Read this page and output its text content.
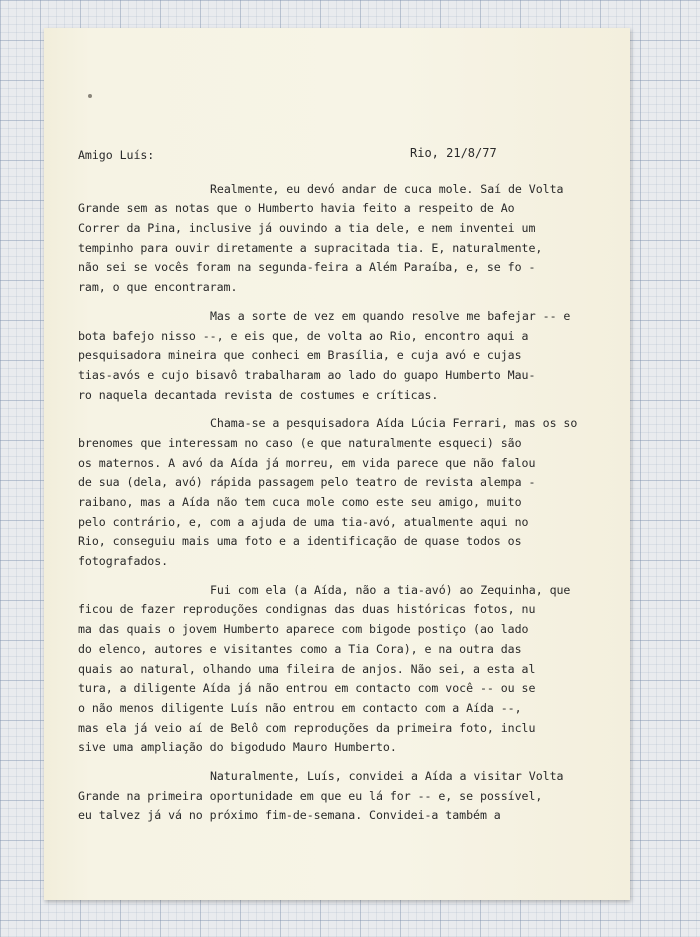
Rio, 21/8/77
Amigo Luís:
Realmente, eu devó andar de cuca mole. Saí de Volta
Grande sem as notas que o Humberto havia feito a respeito de Ao
Correr da Pina, inclusive já ouvindo a tia dele, e nem inventei um
tempinho para ouvir diretamente a supracitada tia. E, naturalmente,
não sei se vocês foram na segunda-feira a Além Paraíba, e, se fo -
ram, o que encontraram.
Mas a sorte de vez em quando resolve me bafejar -- e
bota bafejo nisso --, e eis que, de volta ao Rio, encontro aqui a
pesquisadora mineira que conheci em Brasília, e cuja avó e cujas
tias-avós e cujo bisavô trabalharam ao lado do guapo Humberto Mau-
ro naquela decantada revista de costumes e críticas.
Chama-se a pesquisadora Aída Lúcia Ferrari, mas os so
brenomes que interessam no caso (e que naturalmente esqueci) são
os maternos. A avó da Aída já morreu, em vida parece que não falou
de sua (dela, avó) rápida passagem pelo teatro de revista alempa -
raibano, mas a Aída não tem cuca mole como este seu amigo, muito
pelo contrário, e, com a ajuda de uma tia-avó, atualmente aqui no
Rio, conseguiu mais uma foto e a identificação de quase todos os
fotografados.
Fui com ela (a Aída, não a tia-avó) ao Zequinha, que
ficou de fazer reproduções condignas das duas históricas fotos, nu
ma das quais o jovem Humberto aparece com bigode postiço (ao lado
do elenco, autores e visitantes como a Tia Cora), e na outra das
quais ao natural, olhando uma fileira de anjos. Não sei, a esta al
tura, a diligente Aída já não entrou em contacto com você -- ou se
o não menos diligente Luís não entrou em contacto com a Aída --,
mas ela já veio aí de Belô com reproduções da primeira foto, inclu
sive uma ampliação do bigodudo Mauro Humberto.
Naturalmente, Luís, convidei a Aída a visitar Volta
Grande na primeira oportunidade em que eu lá for -- e, se possível,
eu talvez já vá no próximo fim-de-semana. Convidei-a também a
